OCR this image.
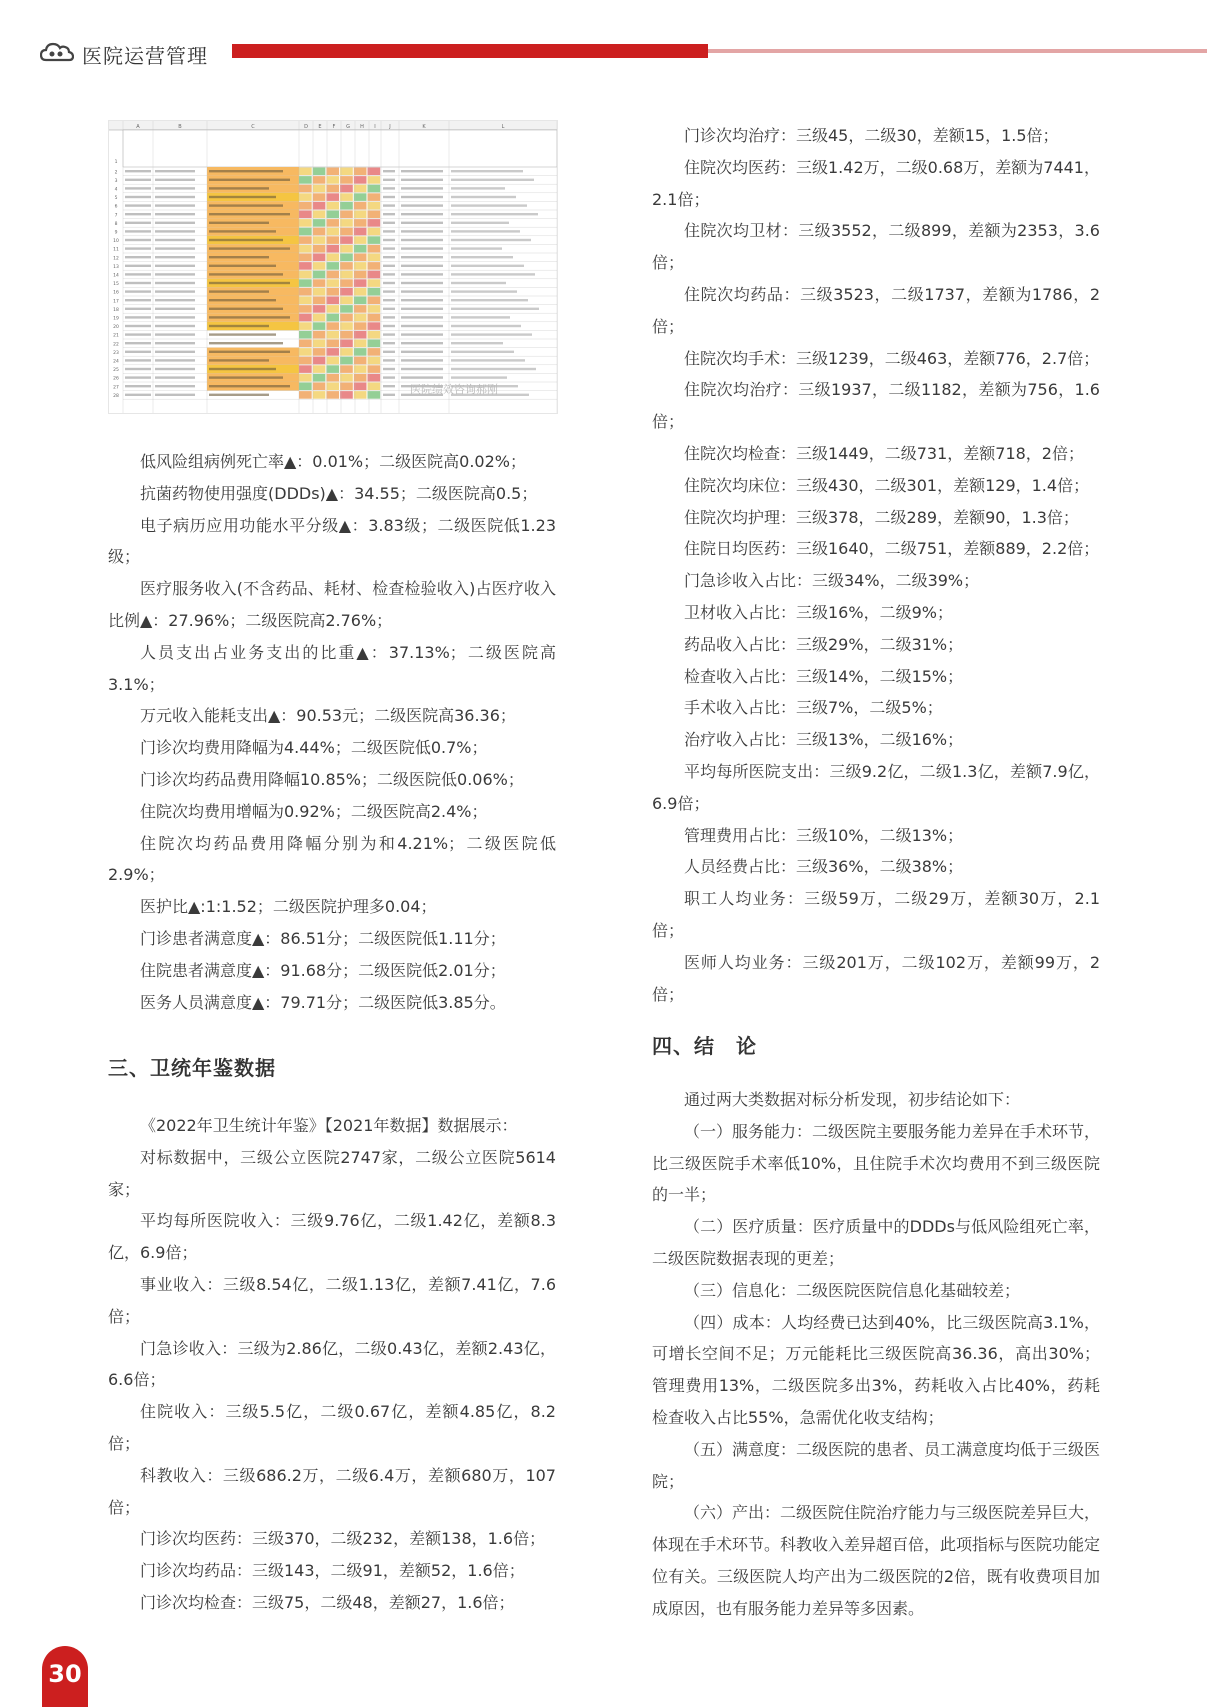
医院运营管理
A	B	C	D E F G H I	J	K	L
1
2
3
4
5
6
7
8
9
10
11
12
13
14
15
16
17
18
19
20
21
22
23
24
25
26
27
28
医院绩效咨询郝刚

低风险组病例死亡率▲：0.01%；二级医院高0.02%；

抗菌药物使用强度(DDDs)▲：34.55；二级医院高0.5；

电子病历应用功能水平分级▲：3.83级；二级医院低1.23级；

医疗服务收入(不含药品、耗材、检查检验收入)占医疗收入比例▲：27.96%；二级医院高2.76%；

人员支出占业务支出的比重▲：37.13%；二级医院高3.1%；

万元收入能耗支出▲：90.53元；二级医院高36.36；

门诊次均费用降幅为4.44%；二级医院低0.7%；

门诊次均药品费用降幅10.85%；二级医院低0.06%；

住院次均费用增幅为0.92%；二级医院高2.4%；

住院次均药品费用降幅分别为和4.21%；二级医院低2.9%；

医护比▲:1:1.52；二级医院护理多0.04；

门诊患者满意度▲：86.51分；二级医院低1.11分；

住院患者满意度▲：91.68分；二级医院低2.01分；

医务人员满意度▲：79.71分；二级医院低3.85分。

三、卫统年鉴数据

《2022年卫生统计年鉴》【2021年数据】数据展示：

对标数据中，三级公立医院2747家，二级公立医院5614家；

平均每所医院收入：三级9.76亿，二级1.42亿，差额8.3亿，6.9倍；

事业收入：三级8.54亿，二级1.13亿，差额7.41亿，7.6倍；

门急诊收入：三级为2.86亿，二级0.43亿，差额2.43亿，6.6倍；

住院收入：三级5.5亿，二级0.67亿，差额4.85亿，8.2倍；

科教收入：三级686.2万，二级6.4万，差额680万，107倍；

门诊次均医药：三级370，二级232，差额138，1.6倍；

门诊次均药品：三级143，二级91，差额52，1.6倍；

门诊次均检查：三级75，二级48，差额27，1.6倍；

门诊次均治疗：三级45，二级30，差额15，1.5倍；

住院次均医药：三级1.42万，二级0.68万，差额为7441，2.1倍；

住院次均卫材：三级3552，二级899，差额为2353，3.6倍；

住院次均药品：三级3523，二级1737，差额为1786，2倍；

住院次均手术：三级1239，二级463，差额776，2.7倍；

住院次均治疗：三级1937，二级1182，差额为756，1.6倍；

住院次均检查：三级1449，二级731，差额718，2倍；

住院次均床位：三级430，二级301，差额129，1.4倍；

住院次均护理：三级378，二级289，差额90，1.3倍；

住院日均医药：三级1640，二级751，差额889，2.2倍；

门急诊收入占比：三级34%，二级39%；

卫材收入占比：三级16%，二级9%；

药品收入占比：三级29%，二级31%；

检查收入占比：三级14%，二级15%；

手术收入占比：三级7%，二级5%；

治疗收入占比：三级13%，二级16%；

平均每所医院支出：三级9.2亿，二级1.3亿，差额7.9亿，6.9倍；

管理费用占比：三级10%，二级13%；

人员经费占比：三级36%，二级38%；

职工人均业务：三级59万，二级29万，差额30万，2.1倍；

医师人均业务：三级201万，二级102万，差额99万，2倍；

四、结　论

通过两大类数据对标分析发现，初步结论如下：

（一）服务能力：二级医院主要服务能力差异在手术环节，比三级医院手术率低10%，且住院手术次均费用不到三级医院的一半；

（二）医疗质量：医疗质量中的DDDs与低风险组死亡率，二级医院数据表现的更差；

（三）信息化：二级医院医院信息化基础较差；

（四）成本：人均经费已达到40%，比三级医院高3.1%，可增长空间不足；万元能耗比三级医院高36.36，高出30%；管理费用13%，二级医院多出3%，药耗收入占比40%，药耗检查收入占比55%，急需优化收支结构；

（五）满意度：二级医院的患者、员工满意度均低于三级医院；

（六）产出：二级医院住院治疗能力与三级医院差异巨大，体现在手术环节。科教收入差异超百倍，此项指标与医院功能定位有关。三级医院人均产出为二级医院的2倍，既有收费项目加成原因，也有服务能力差异等多因素。

30
